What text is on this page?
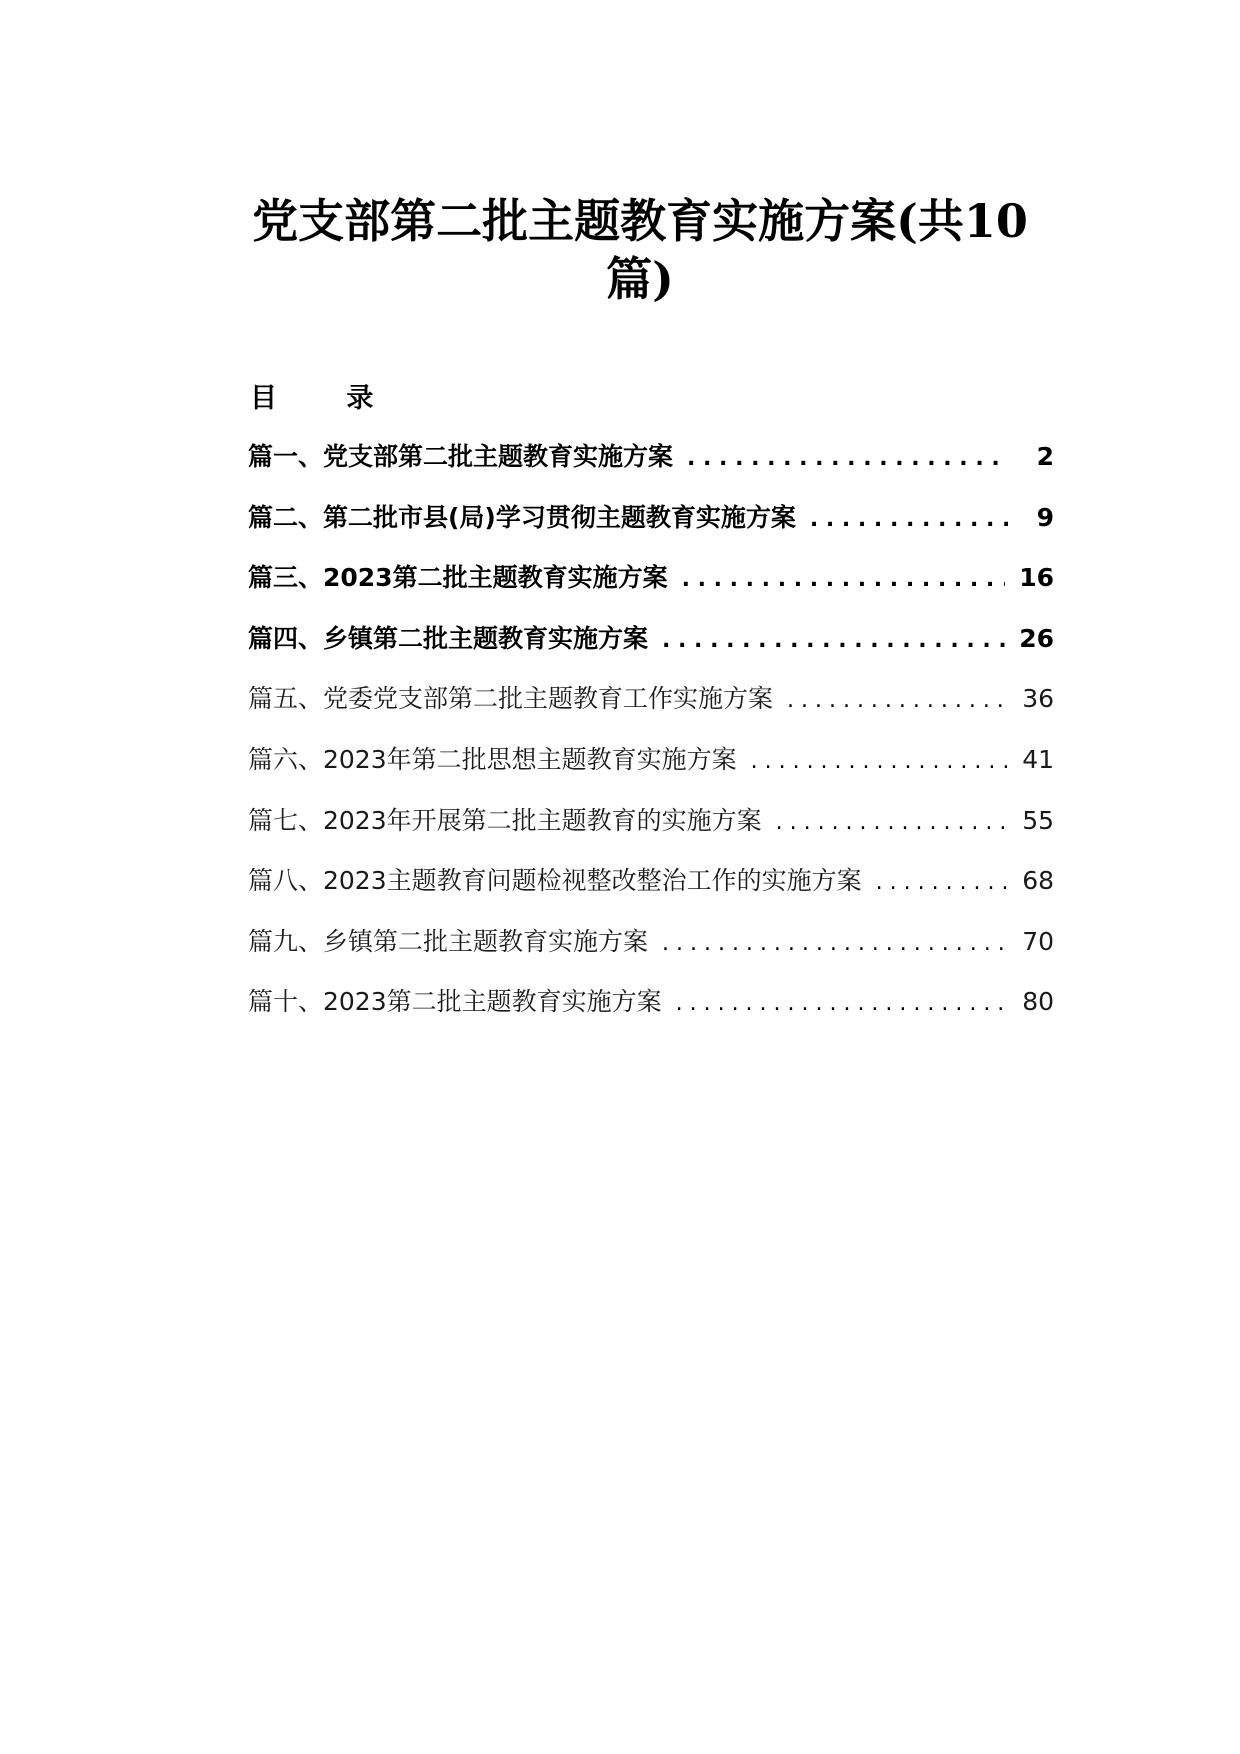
党支部第二批主题教育实施方案(共10篇)
目 录
篇一、党支部第二批主题教育实施方案 . . .	2
篇二、第二批市县(局)学习贯彻主题教育实施方案 . . .	9
篇三、2023第二批主题教育实施方案 . . .	16
篇四、乡镇第二批主题教育实施方案 . . .	26
篇五、党委党支部第二批主题教育工作实施方案 . . .	36
篇六、2023年第二批思想主题教育实施方案 . . .	41
篇七、2023年开展第二批主题教育的实施方案 . . .	55
篇八、2023主题教育问题检视整改整治工作的实施方案 . . .	68
篇九、乡镇第二批主题教育实施方案 . . .	70
篇十、2023第二批主题教育实施方案 . . .	80
